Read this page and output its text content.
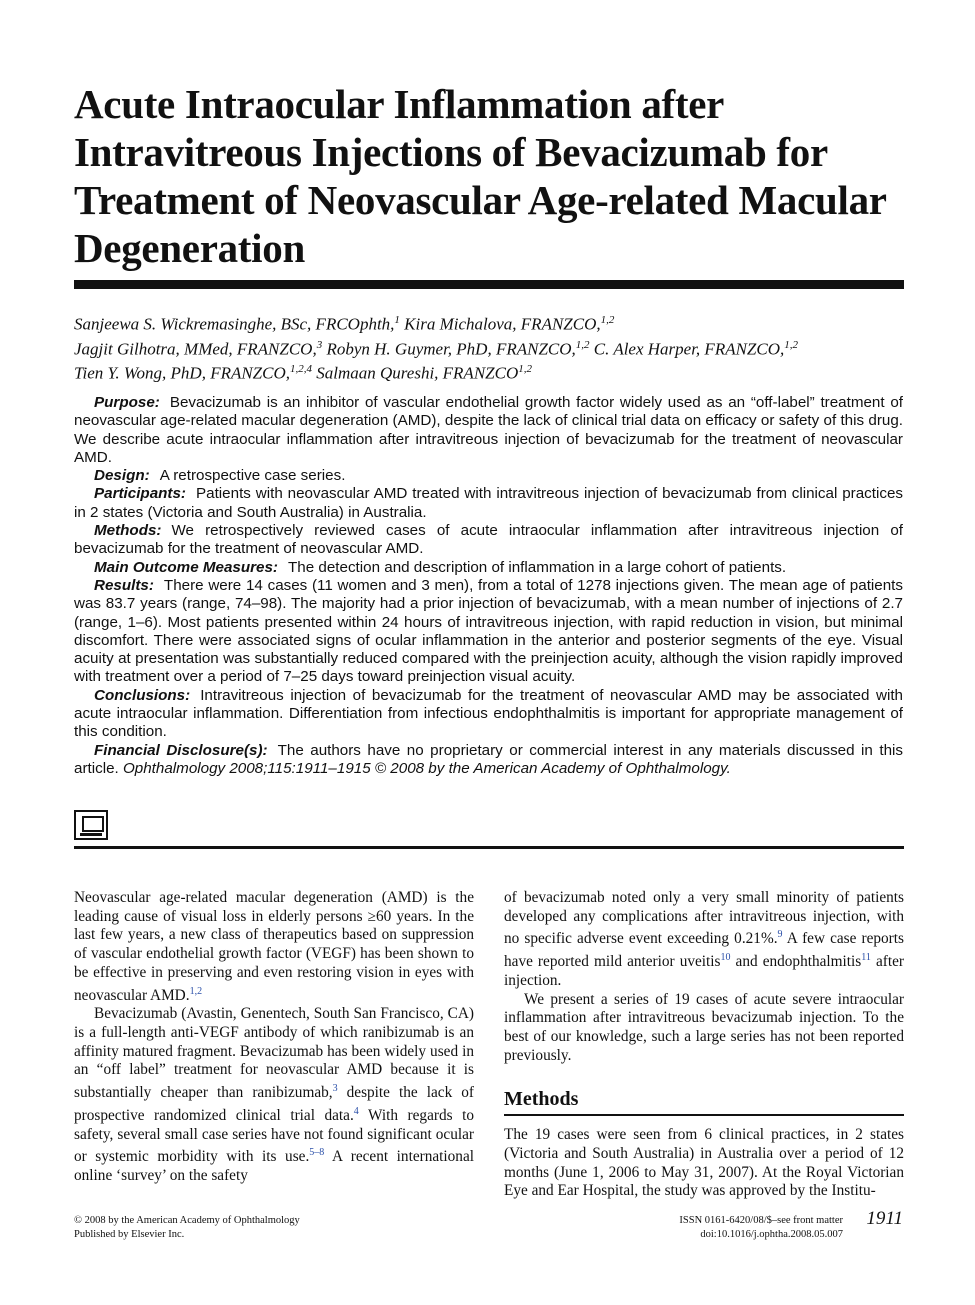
Acute Intraocular Inflammation after Intravitreous Injections of Bevacizumab for Treatment of Neovascular Age-related Macular Degeneration
Sanjeewa S. Wickremasinghe, BSc, FRCOphth,$^1$ Kira Michalova, FRANZCO,$^{1,2}$
Jagjit Gilhotra, MMed, FRANZCO,$^3$ Robyn H. Guymer, PhD, FRANZCO,$^{1,2}$ C. Alex Harper, FRANZCO,$^{1,2}$
Tien Y. Wong, PhD, FRANZCO,$^{1,2,4}$ Salmaan Qureshi, FRANZCO$^{1,2}$

Purpose: Bevacizumab is an inhibitor of vascular endothelial growth factor widely used as an “off-label” treatment of neovascular age-related macular degeneration (AMD), despite the lack of clinical trial data on efficacy or safety of this drug. We describe acute intraocular inflammation after intravitreous injection of bevacizumab for the treatment of neovascular AMD.

Design: A retrospective case series.

Participants: Patients with neovascular AMD treated with intravitreous injection of bevacizumab from clinical practices in 2 states (Victoria and South Australia) in Australia.

Methods: We retrospectively reviewed cases of acute intraocular inflammation after intravitreous injection of bevacizumab for the treatment of neovascular AMD.

Main Outcome Measures: The detection and description of inflammation in a large cohort of patients.

Results: There were 14 cases (11 women and 3 men), from a total of 1278 injections given. The mean age of patients was 83.7 years (range, 74–98). The majority had a prior injection of bevacizumab, with a mean number of injections of 2.7 (range, 1–6). Most patients presented within 24 hours of intravitreous injection, with rapid reduction in vision, but minimal discomfort. There were associated signs of ocular inflammation in the anterior and posterior segments of the eye. Visual acuity at presentation was substantially reduced compared with the preinjection acuity, although the vision rapidly improved with treatment over a period of 7–25 days toward preinjection visual acuity.

Conclusions: Intravitreous injection of bevacizumab for the treatment of neovascular AMD may be associated with acute intraocular inflammation. Differentiation from infectious endophthalmitis is important for appropriate management of this condition.

Financial Disclosure(s): The authors have no proprietary or commercial interest in any materials discussed in this article. Ophthalmology 2008;115:1911–1915 © 2008 by the American Academy of Ophthalmology.

Neovascular age-related macular degeneration (AMD) is the leading cause of visual loss in elderly persons ≥60 years. In the last few years, a new class of therapeutics based on suppression of vascular endothelial growth factor (VEGF) has been shown to be effective in preserving and even restoring vision in eyes with neovascular AMD.$^{1,2}$

Bevacizumab (Avastin, Genentech, South San Francisco, CA) is a full-length anti-VEGF antibody of which ranibizumab is an affinity matured fragment. Bevacizumab has been widely used in an “off label” treatment for neovascular AMD because it is substantially cheaper than ranibizumab,$^3$ despite the lack of prospective randomized clinical trial data.$^4$ With regards to safety, several small case series have not found significant ocular or systemic morbidity with its use.$^{5-8}$ A recent international online ‘survey’ on the safety

of bevacizumab noted only a very small minority of patients developed any complications after intravitreous injection, with no specific adverse event exceeding 0.21%.$^9$ A few case reports have reported mild anterior uveitis$^{10}$ and endophthalmitis$^{11}$ after injection.

We present a series of 19 cases of acute severe intraocular inflammation after intravitreous bevacizumab injection. To the best of our knowledge, such a large series has not been reported previously.

Methods

The 19 cases were seen from 6 clinical practices, in 2 states (Victoria and South Australia) in Australia over a period of 12 months (June 1, 2006 to May 31, 2007). At the Royal Victorian Eye and Ear Hospital, the study was approved by the Institu-

© 2008 by the American Academy of Ophthalmology
Published by Elsevier Inc.
ISSN 0161-6420/08/$–see front matter
doi:10.1016/j.ophtha.2008.05.007
1911
